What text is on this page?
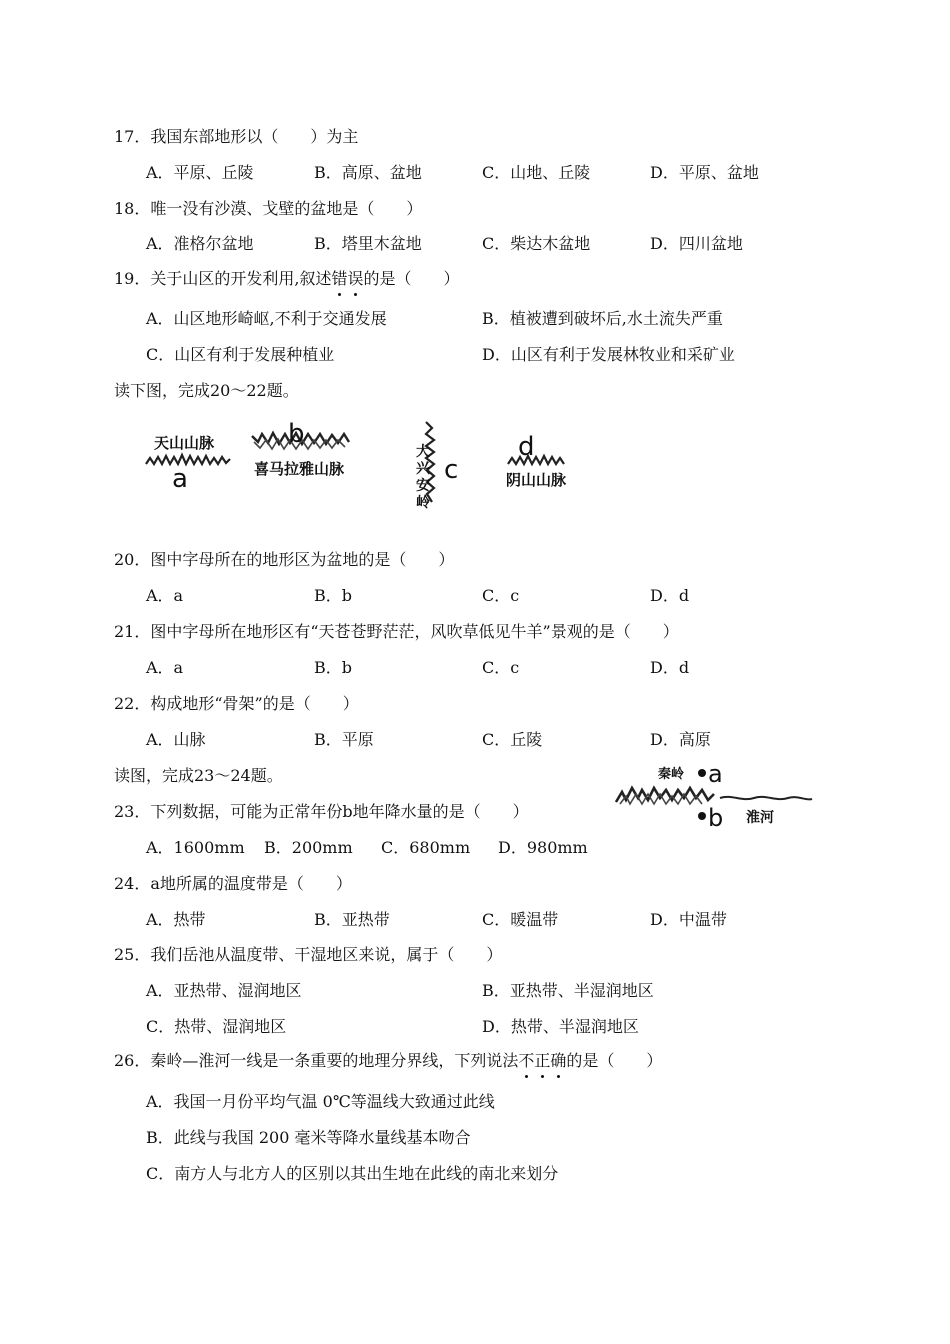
17．我国东部地形以（　　）为主
A．平原、丘陵	B．高原、盆地	C．山地、丘陵	D．平原、盆地
18．唯一没有沙漠、戈壁的盆地是（　　）
A．准格尔盆地	B．塔里木盆地	C．柴达木盆地	D．四川盆地
19．关于山区的开发利用,叙述错误的是（　　）
A．山区地形崎岖,不利于交通发展	B．植被遭到破坏后,水土流失严重
C．山区有利于发展种植业	D．山区有利于发展林牧业和采矿业
读下图，完成20～22题。
天山山脉
a
b
喜马拉雅山脉
大
兴
安
岭
c
d
阴山山脉
20．图中字母所在的地形区为盆地的是（　　）
A．a	B．b	C．c	D．d
21．图中字母所在地形区有“天苍苍野茫茫，风吹草低见牛羊”景观的是（　　）
A．a	B．b	C．c	D．d
22．构成地形“骨架”的是（　　）
A．山脉	B．平原	C．丘陵	D．高原
读图，完成23～24题。	秦岭 a
b 淮河
23．下列数据，可能为正常年份b地年降水量的是（　　）
A．1600mm B．200mm C．680mm D．980mm
24．a地所属的温度带是（　　）
A．热带	B．亚热带	C．暖温带	D．中温带
25．我们岳池从温度带、干湿地区来说，属于（　　）
A．亚热带、湿润地区	B．亚热带、半湿润地区
C．热带、湿润地区	D．热带、半湿润地区
26．秦岭—淮河一线是一条重要的地理分界线，下列说法不正确的是（　　）
A．我国一月份平均气温 0℃等温线大致通过此线
B．此线与我国 200 毫米等降水量线基本吻合
C．南方人与北方人的区别以其出生地在此线的南北来划分
